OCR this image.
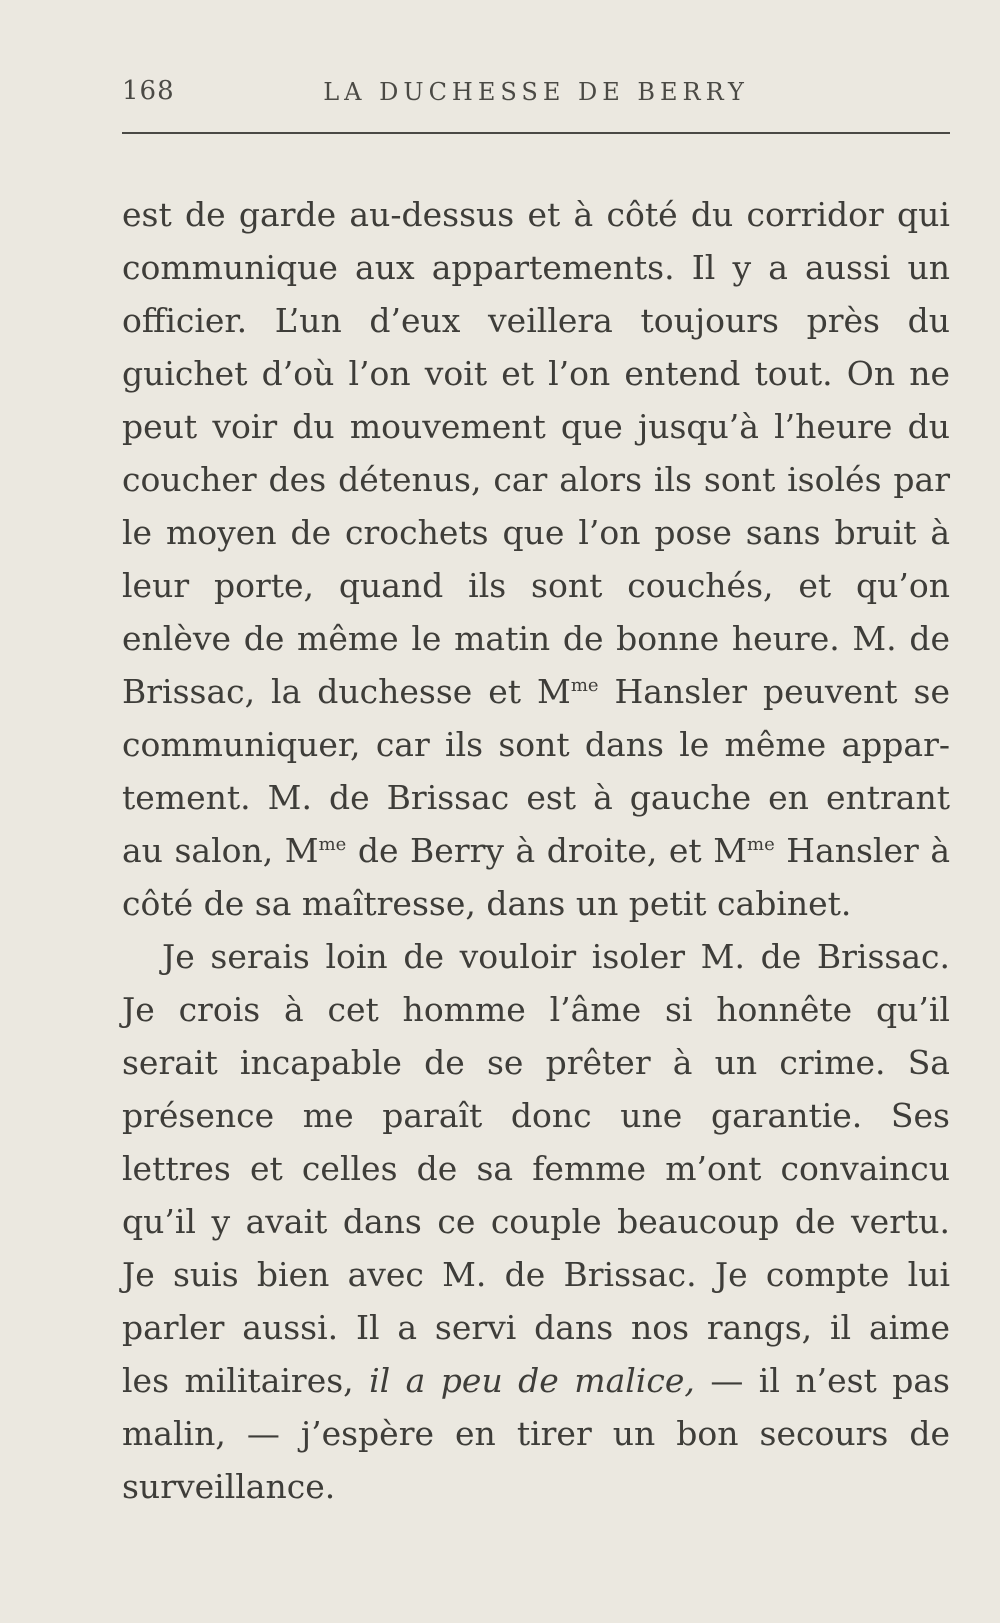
168	LA DUCHESSE DE BERRY
est de garde au-dessus et à côté du corridor qui
communique aux appartements. Il y a aussi un
officier. L’un d’eux veillera toujours près du
guichet d’où l’on voit et l’on entend tout. On ne
peut voir du mouvement que jusqu’à l’heure du
coucher des détenus, car alors ils sont isolés par
le moyen de crochets que l’on pose sans bruit à
leur porte, quand ils sont couchés, et qu’on
enlève de même le matin de bonne heure. M. de
Brissac, la duchesse et $M^{me}$ Hansler peuvent se
communiquer, car ils sont dans le même appar-
tement. M. de Brissac est à gauche en entrant
au salon, $M^{me}$ de Berry à droite, et $M^{me}$ Hansler à
côté de sa maîtresse, dans un petit cabinet.
Je serais loin de vouloir isoler M. de Brissac.
Je crois à cet homme l’âme si honnête qu’il
serait incapable de se prêter à un crime. Sa
présence me paraît donc une garantie. Ses
lettres et celles de sa femme m’ont convaincu
qu’il y avait dans ce couple beaucoup de vertu.
Je suis bien avec M. de Brissac. Je compte lui
parler aussi. Il a servi dans nos rangs, il aime
les militaires, il a peu de malice, — il n’est pas
malin, — j’espère en tirer un bon secours de
surveillance.
